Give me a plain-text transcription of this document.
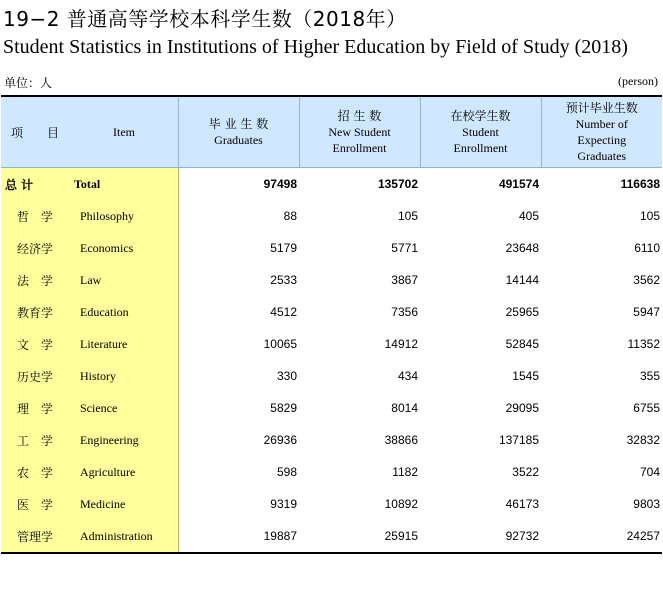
19−2 普通高等学校本科学生数（2018年）
Student Statistics in Institutions of Higher Education by Field of Study (2018)
单位：人	(person)
项　　目 Item	毕 业 生 数
Graduates	招 生 数
New Student
Enrollment	在校学生数
Student
Enrollment	预计毕业生数
Number of
Expecting
Graduates

总 计 Total	97498	135702	491574	116638

哲　学 Philosophy	88	105	405	105

经济学 Economics	5179	5771	23648	6110

法　学 Law	2533	3867	14144	3562

教育学 Education	4512	7356	25965	5947

文　学 Literature	10065	14912	52845	11352

历史学 History	330	434	1545	355

理　学 Science	5829	8014	29095	6755

工　学 Engineering	26936	38866	137185	32832

农　学 Agriculture	598	1182	3522	704

医　学 Medicine	9319	10892	46173	9803

管理学 Administration	19887	25915	92732	24257
